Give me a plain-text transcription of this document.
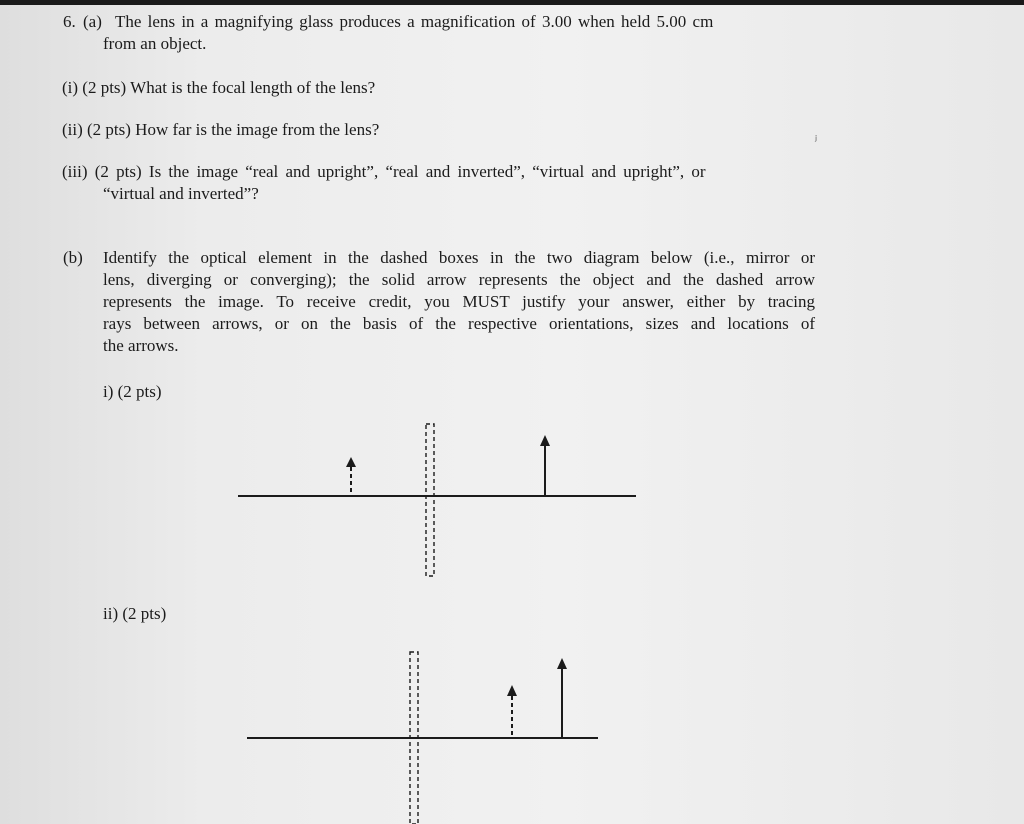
6. (a) The lens in a magnifying glass produces a magnification of 3.00 when held 5.00 cm

from an object.

(i) (2 pts) What is the focal length of the lens?

(ii) (2 pts) How far is the image from the lens?

(iii) (2 pts) Is the image “real and upright”, “real and inverted”, “virtual and upright”, or

“virtual and inverted”?

ⱼ

(b) Identify the optical element in the dashed boxes in the two diagram below (i.e., mirror or
lens, diverging or converging); the solid arrow represents the object and the dashed arrow
represents the image. To receive credit, you MUST justify your answer, either by tracing
rays between arrows, or on the basis of the respective orientations, sizes and locations of
the arrows.

i) (2 pts)

ii) (2 pts)
